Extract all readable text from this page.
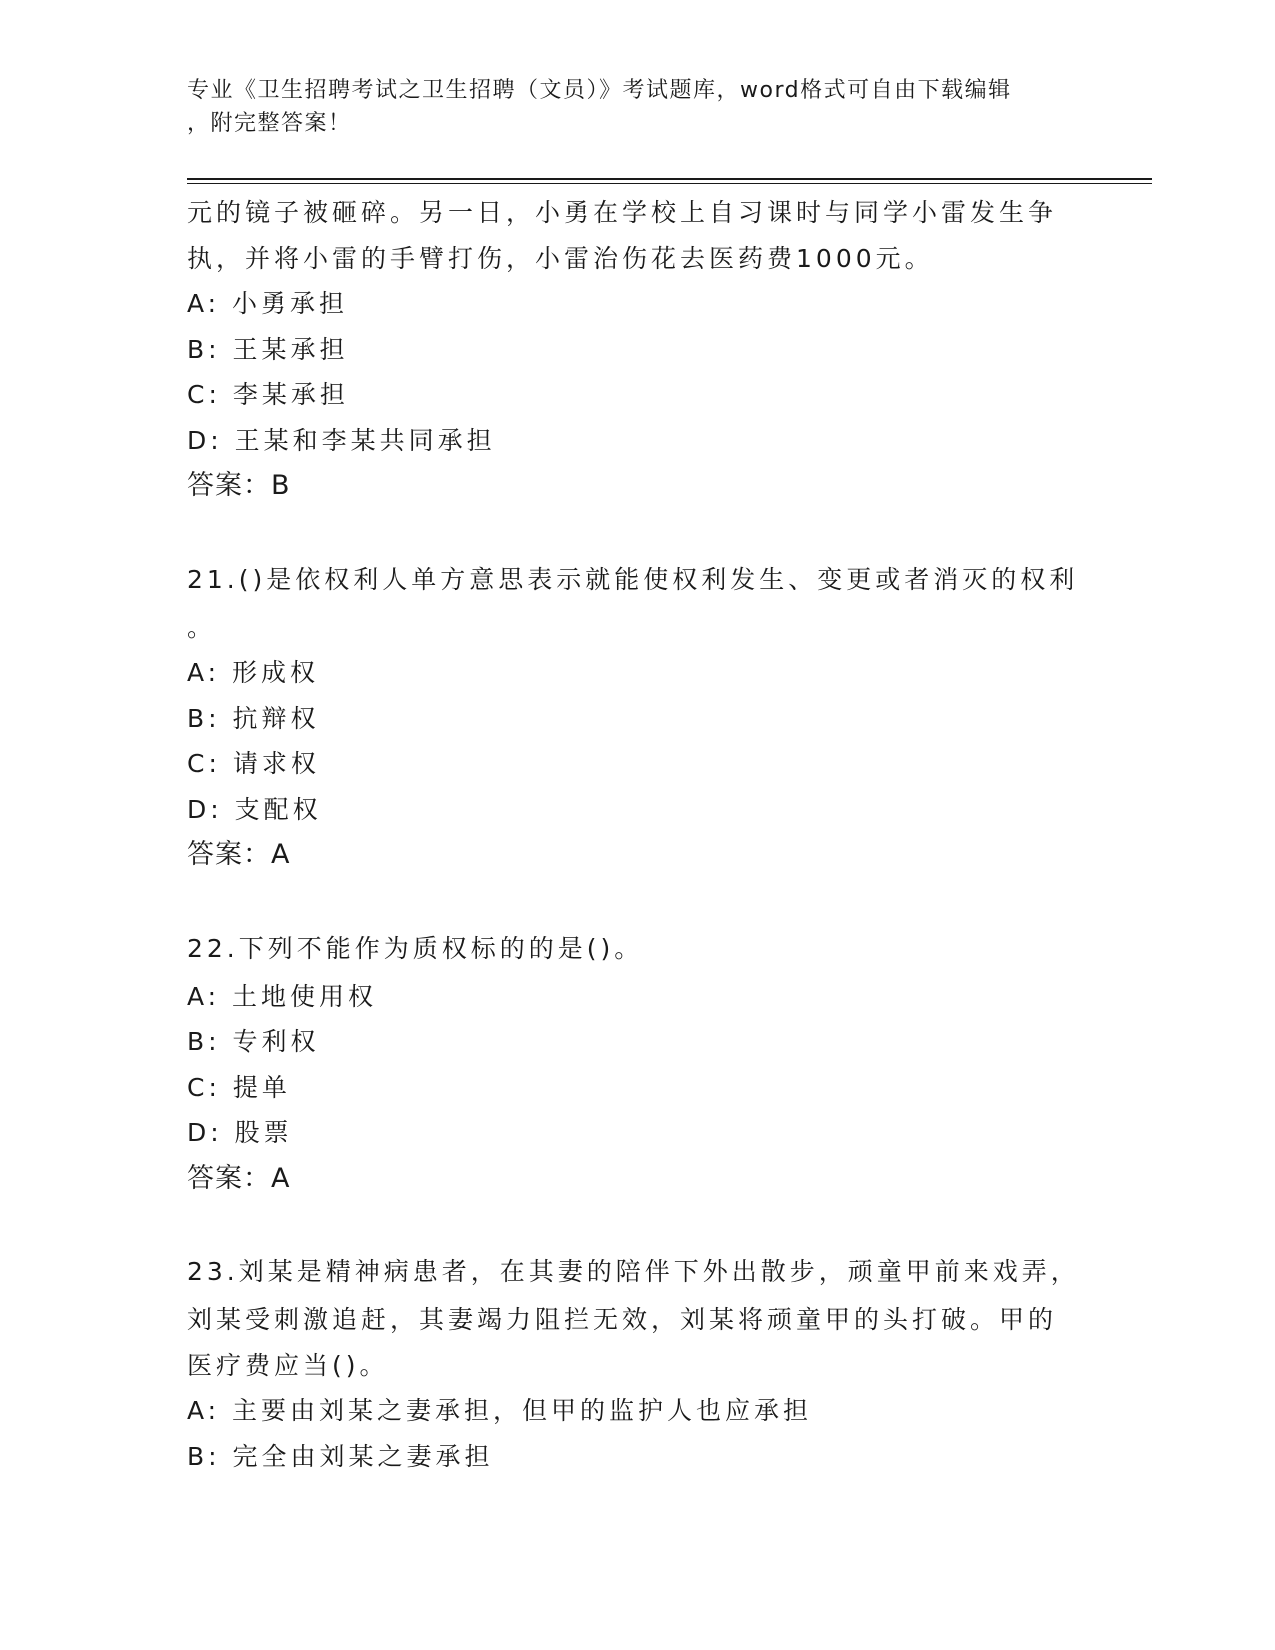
专业《卫生招聘考试之卫生招聘（文员）》考试题库，word格式可自由下载编辑
，附完整答案！
元的镜子被砸碎。另一日，小勇在学校上自习课时与同学小雷发生争
执，并将小雷的手臂打伤，小雷治伤花去医药费1000元。
A: 小勇承担
B: 王某承担
C: 李某承担
D: 王某和李某共同承担
答案：B
21.()是依权利人单方意思表示就能使权利发生、变更或者消灭的权利
。
A: 形成权
B: 抗辩权
C: 请求权
D: 支配权
答案：A
22.下列不能作为质权标的的是()。
A: 土地使用权
B: 专利权
C: 提单
D: 股票
答案：A
23.刘某是精神病患者，在其妻的陪伴下外出散步，顽童甲前来戏弄，
刘某受刺激追赶，其妻竭力阻拦无效，刘某将顽童甲的头打破。甲的
医疗费应当()。
A: 主要由刘某之妻承担，但甲的监护人也应承担
B: 完全由刘某之妻承担
